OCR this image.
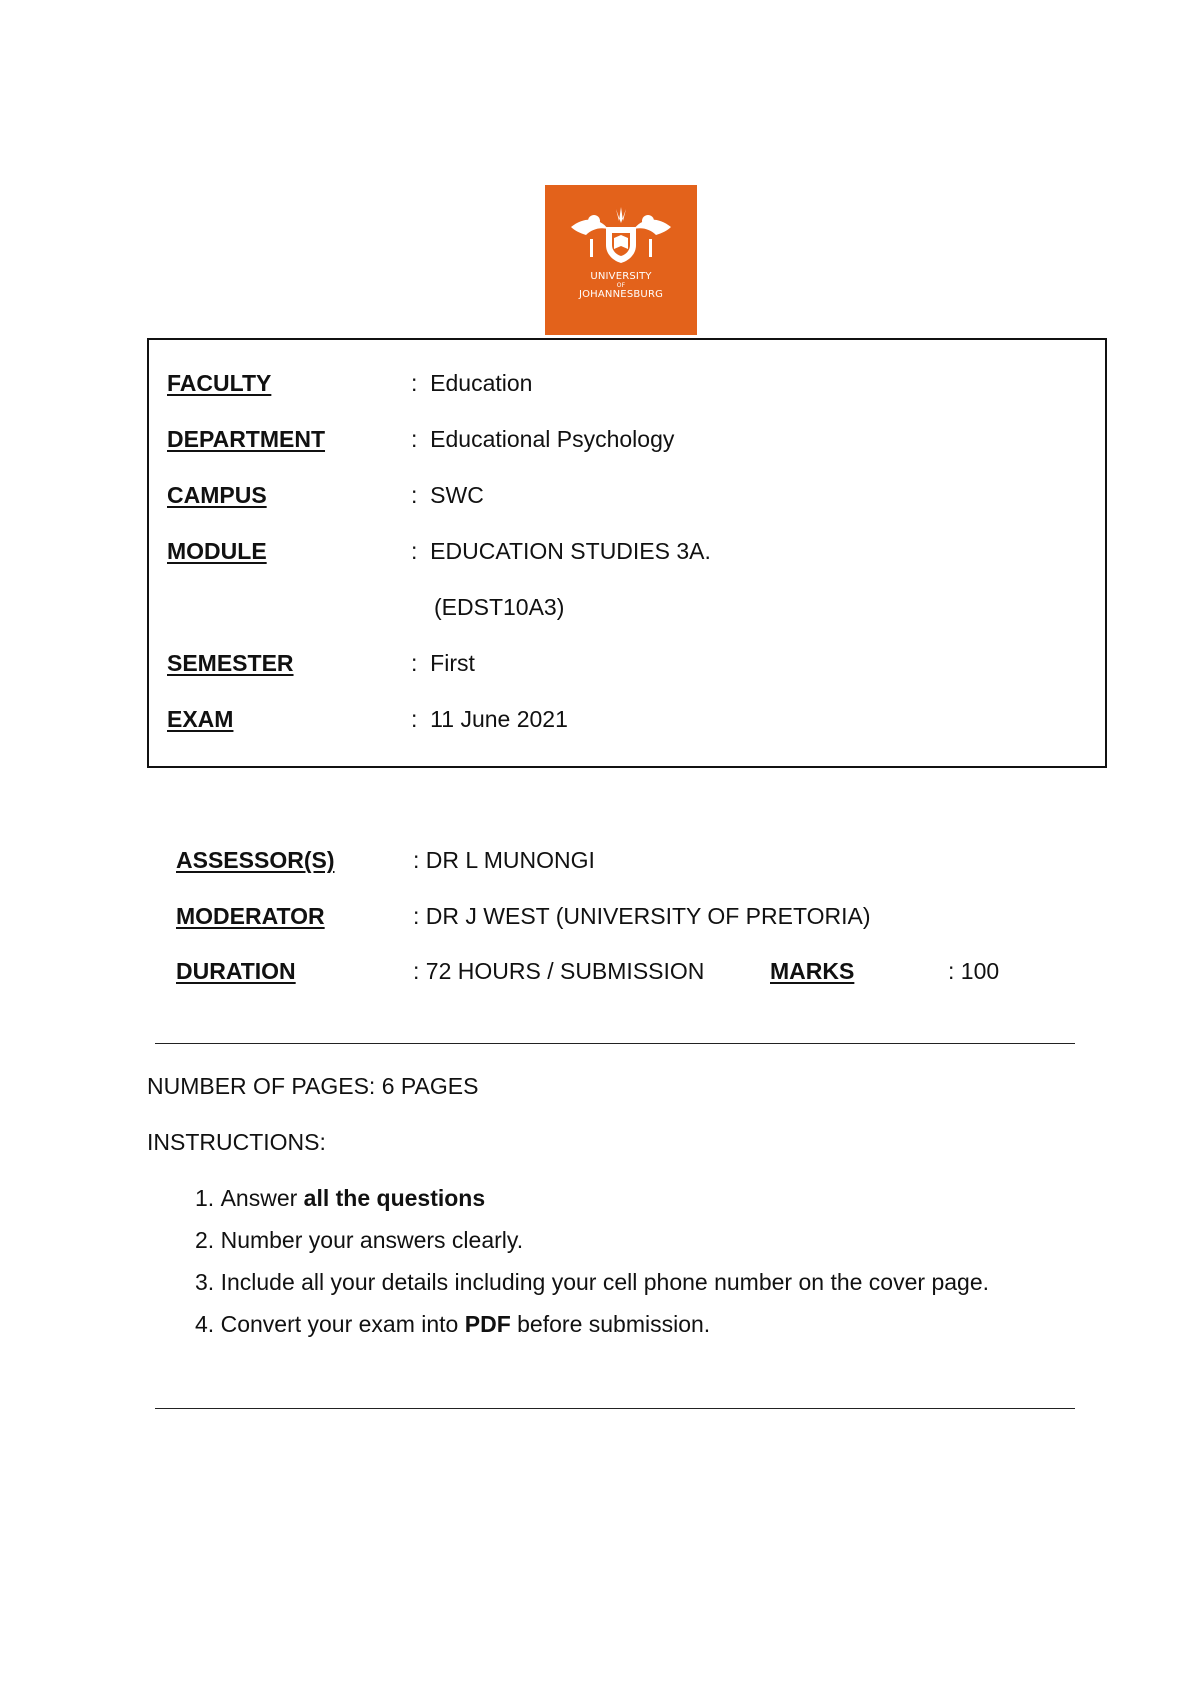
UNIVERSITY
OF
JOHANNESBURG
FACULTY	:  Education
DEPARTMENT	:  Educational Psychology
CAMPUS	:  SWC
MODULE	:  EDUCATION STUDIES 3A.
(EDST10A3)
SEMESTER	:  First
EXAM	:  11 June 2021
ASSESSOR(S)	: DR L MUNONGI
MODERATOR	: DR J WEST (UNIVERSITY OF PRETORIA)
DURATION	: 72 HOURS / SUBMISSION	MARKS	: 100
NUMBER OF PAGES: 6 PAGES
INSTRUCTIONS:
1. Answer all the questions
2. Number your answers clearly.
3. Include all your details including your cell phone number on the cover page.
4. Convert your exam into PDF before submission.
